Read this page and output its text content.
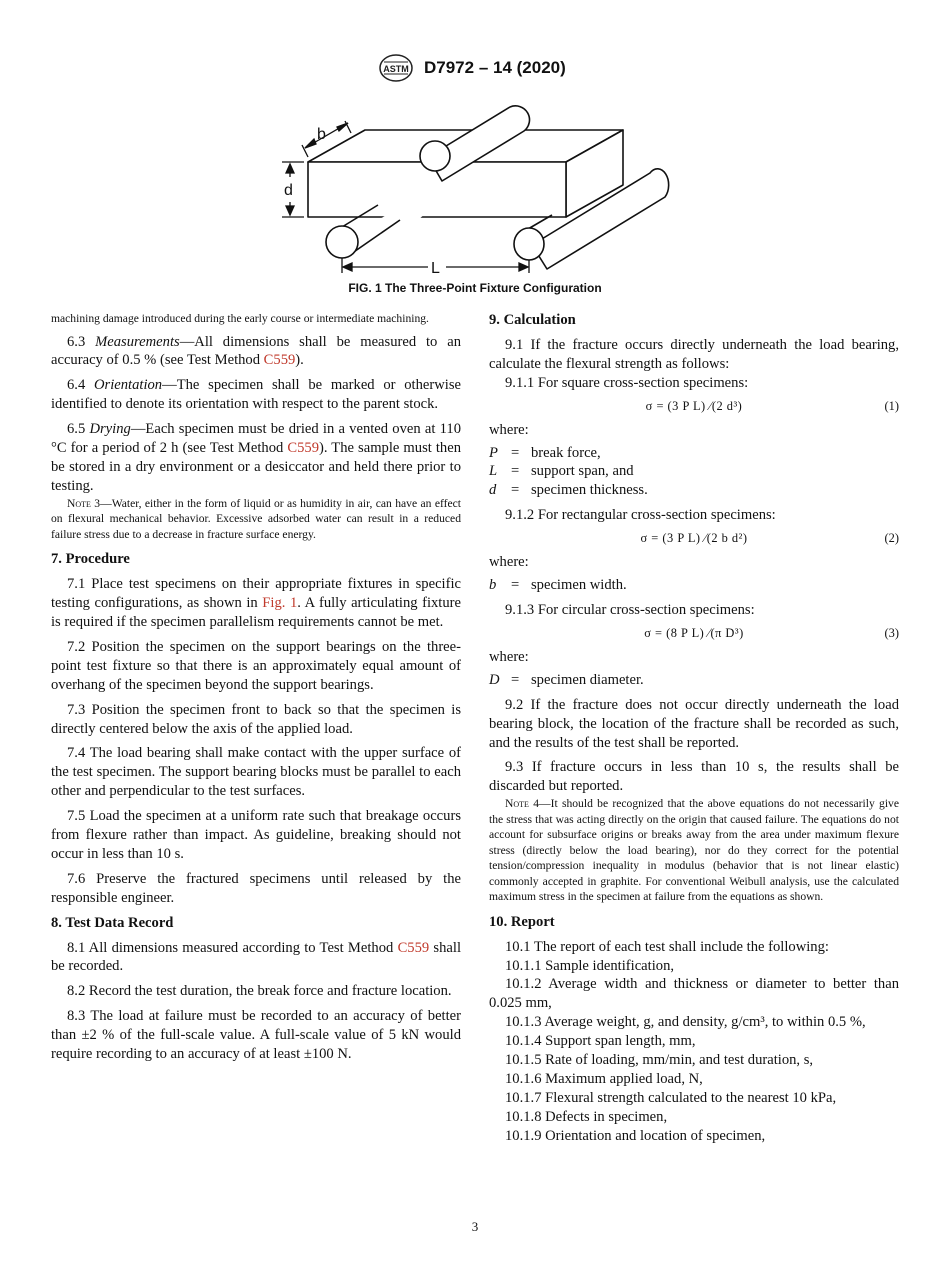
ASTM D7972 – 14 (2020)
b
d
L
FIG. 1 The Three-Point Fixture Configuration

machining damage introduced during the early course or intermediate machining.

6.3 Measurements—All dimensions shall be measured to an accuracy of 0.5 % (see Test Method C559).

6.4 Orientation—The specimen shall be marked or otherwise identified to denote its orientation with respect to the parent stock.

6.5 Drying—Each specimen must be dried in a vented oven at 110 °C for a period of 2 h (see Test Method C559). The sample must then be stored in a dry environment or a desiccator and held there prior to testing.

Note 3—Water, either in the form of liquid or as humidity in air, can have an effect on flexural mechanical behavior. Excessive adsorbed water can result in a reduced failure stress due to a decrease in fracture surface energy.
7. Procedure

7.1 Place test specimens on their appropriate fixtures in specific testing configurations, as shown in Fig. 1. A fully articulating fixture is required if the specimen parallelism requirements cannot be met.

7.2 Position the specimen on the support bearings on the three-point test fixture so that there is an approximately equal amount of overhang of the specimen beyond the support bearings.

7.3 Position the specimen front to back so that the specimen is directly centered below the axis of the applied load.

7.4 The load bearing shall make contact with the upper surface of the test specimen. The support bearing blocks must be parallel to each other and perpendicular to the test surfaces.

7.5 Load the specimen at a uniform rate such that breakage occurs from flexure rather than impact. As guideline, breaking should not occur in less than 10 s.

7.6 Preserve the fractured specimens until released by the responsible engineer.

8. Test Data Record

8.1 All dimensions measured according to Test Method C559 shall be recorded.

8.2 Record the test duration, the break force and fracture location.

8.3 The load at failure must be recorded to an accuracy of better than ±2 % of the full-scale value. A full-scale value of 5 kN would require recording to an accuracy of at least ±100 N.

9. Calculation

9.1 If the fracture occurs directly underneath the load bearing, calculate the flexural strength as follows:

9.1.1 For square cross-section specimens:

σ = (3 P L) ⁄(2 d³)	(1)
where:
P = break force,
L = support span, and
d	= specimen thickness.

9.1.2 For rectangular cross-section specimens:

σ = (3 P L) ⁄(2 b d²)	(2)
where:
b	= specimen width.

9.1.3 For circular cross-section specimens:

σ = (8 P L) ⁄(π D³)	(3)
where:
D = specimen diameter.

9.2 If the fracture does not occur directly underneath the load bearing block, the location of the fracture shall be recorded as such, and the results of the test shall be reported.

9.3 If fracture occurs in less than 10 s, the results shall be discarded but reported.

Note 4—It should be recognized that the above equations do not necessarily give the stress that was acting directly on the origin that caused failure. The equations do not account for subsurface origins or breaks away from the area under maximum flexure stress (directly below the load bearing), nor do they correct for the potential tension/compression inequality in modulus (behavior that is not linear elastic) commonly accepted in graphite. For conventional Weibull analysis, use the calculated maximum stress in the specimen at failure from the equations as shown.
10. Report

10.1 The report of each test shall include the following:

10.1.1 Sample identification,

10.1.2 Average width and thickness or diameter to better than 0.025 mm,

10.1.3 Average weight, g, and density, g/cm³, to within 0.5 %,

10.1.4 Support span length, mm,

10.1.5 Rate of loading, mm/min, and test duration, s,

10.1.6 Maximum applied load, N,

10.1.7 Flexural strength calculated to the nearest 10 kPa,

10.1.8 Defects in specimen,

10.1.9 Orientation and location of specimen,

3
